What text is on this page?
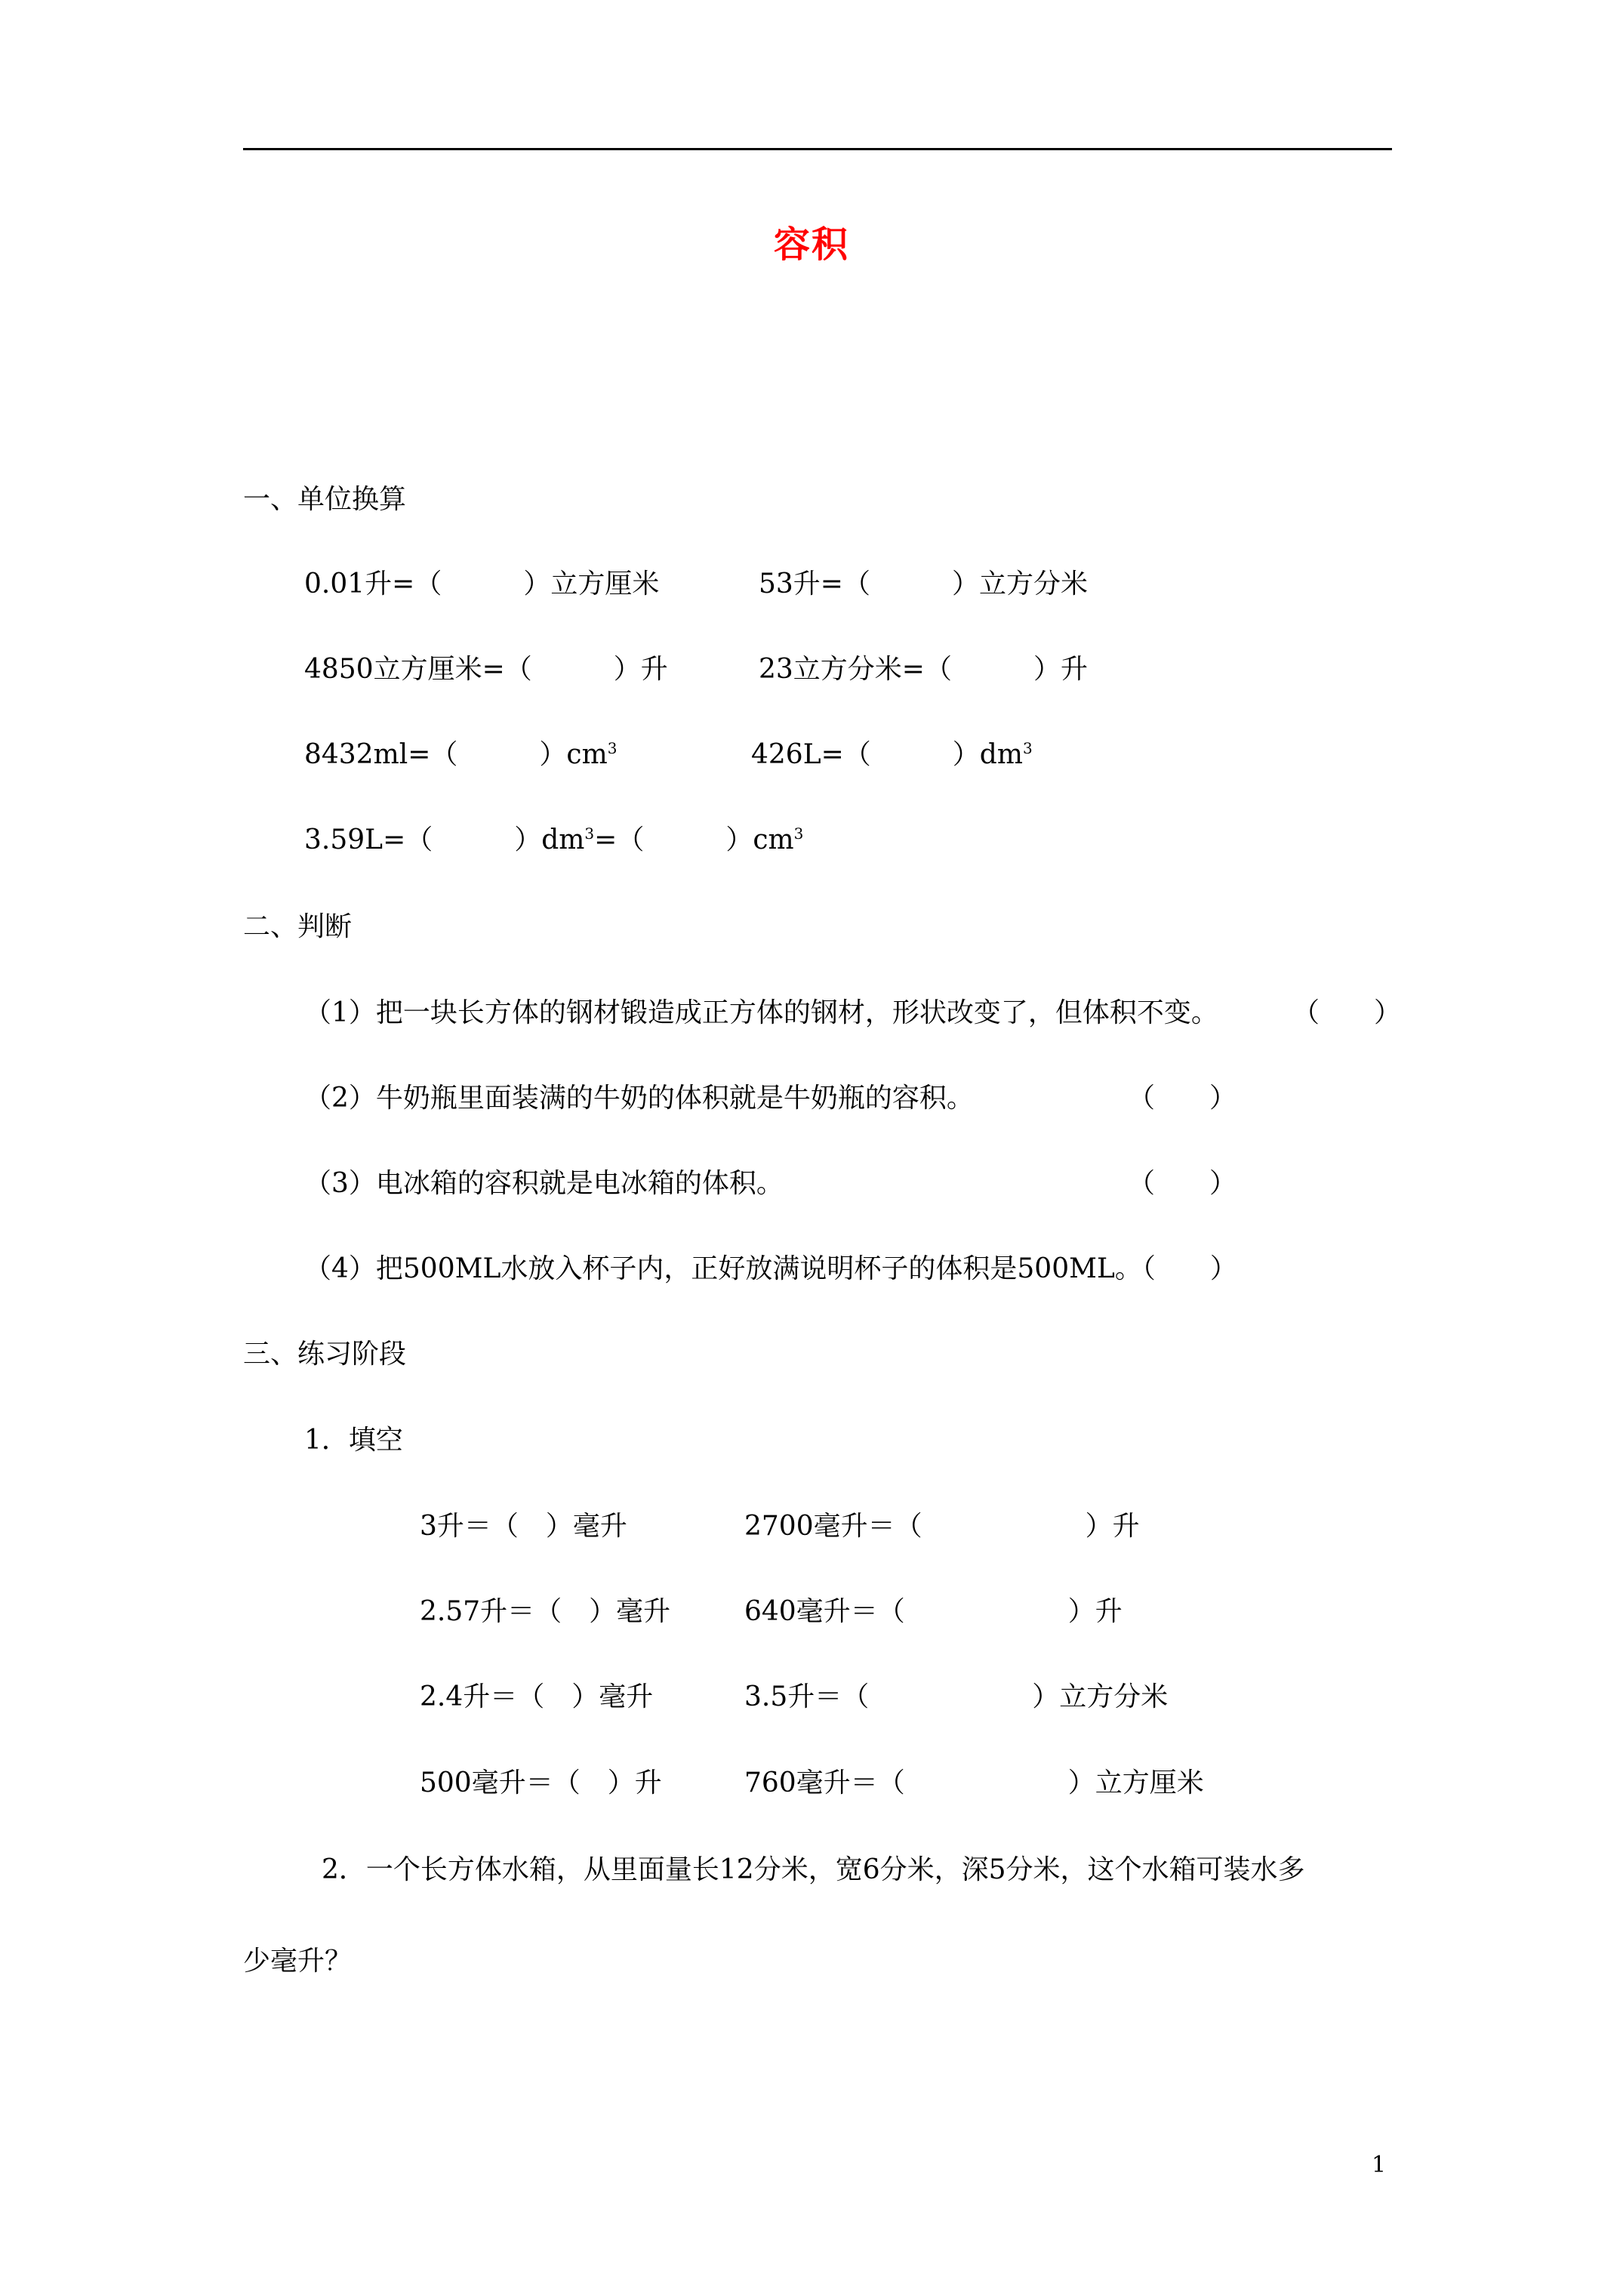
容积
一、单位换算
0.01升=（　　　）立方厘米	53升=（　　　）立方分米
4850立方厘米=（　　　）升	23立方分米=（　　　）升
8432ml=（　　　）$cm^3$	426L=（　　　）$dm^3$
3.59L=（　　　）$dm^3=$（　　　）$cm^3$
二、判断
（1）把一块长方体的钢材锻造成正方体的钢材，形状改变了，但体积不变。	（　　）
（2）牛奶瓶里面装满的牛奶的体积就是牛奶瓶的容积。	（　　）
（3）电冰箱的容积就是电冰箱的体积。	（　　）
（4）把500ML水放入杯子内，正好放满说明杯子的体积是500ML。（　　）
三、练习阶段
1．填空
3升＝（　）毫升	2700毫升＝（　　　　　　）升
2.57升＝（　）毫升	640毫升＝（　　　　　　）升
2.4升＝（　）毫升	3.5升＝（　　　　　　）立方分米
500毫升＝（　）升	760毫升＝（　　　　　　）立方厘米
2．一个长方体水箱，从里面量长12分米，宽6分米，深5分米，这个水箱可装水多
少毫升？
1
